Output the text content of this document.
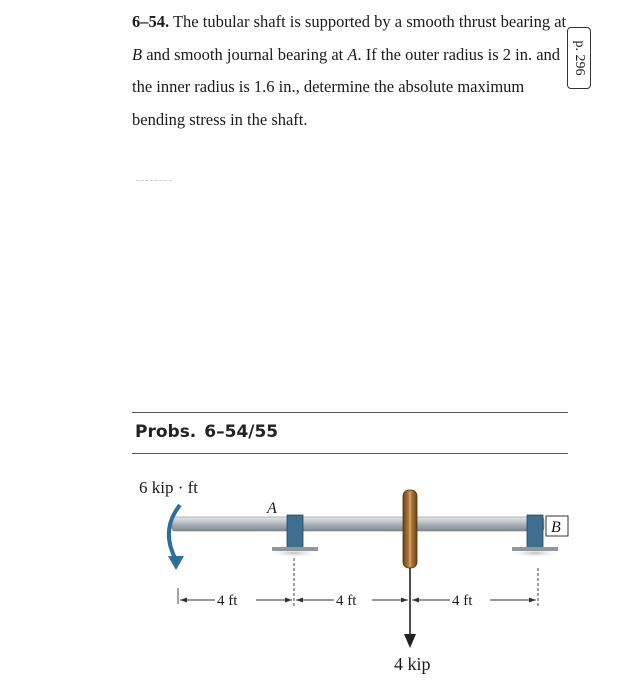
6–54. The tubular shaft is supported by a smooth thrust bearing at B and smooth journal bearing at A. If the outer radius is 2 in. and the inner radius is 1.6 in., determine the absolute maximum bending stress in the shaft.
p. 296
Probs. 6–54/55
6 kip · ft
A
B
4 ft	4 ft	4 ft
4 kip
